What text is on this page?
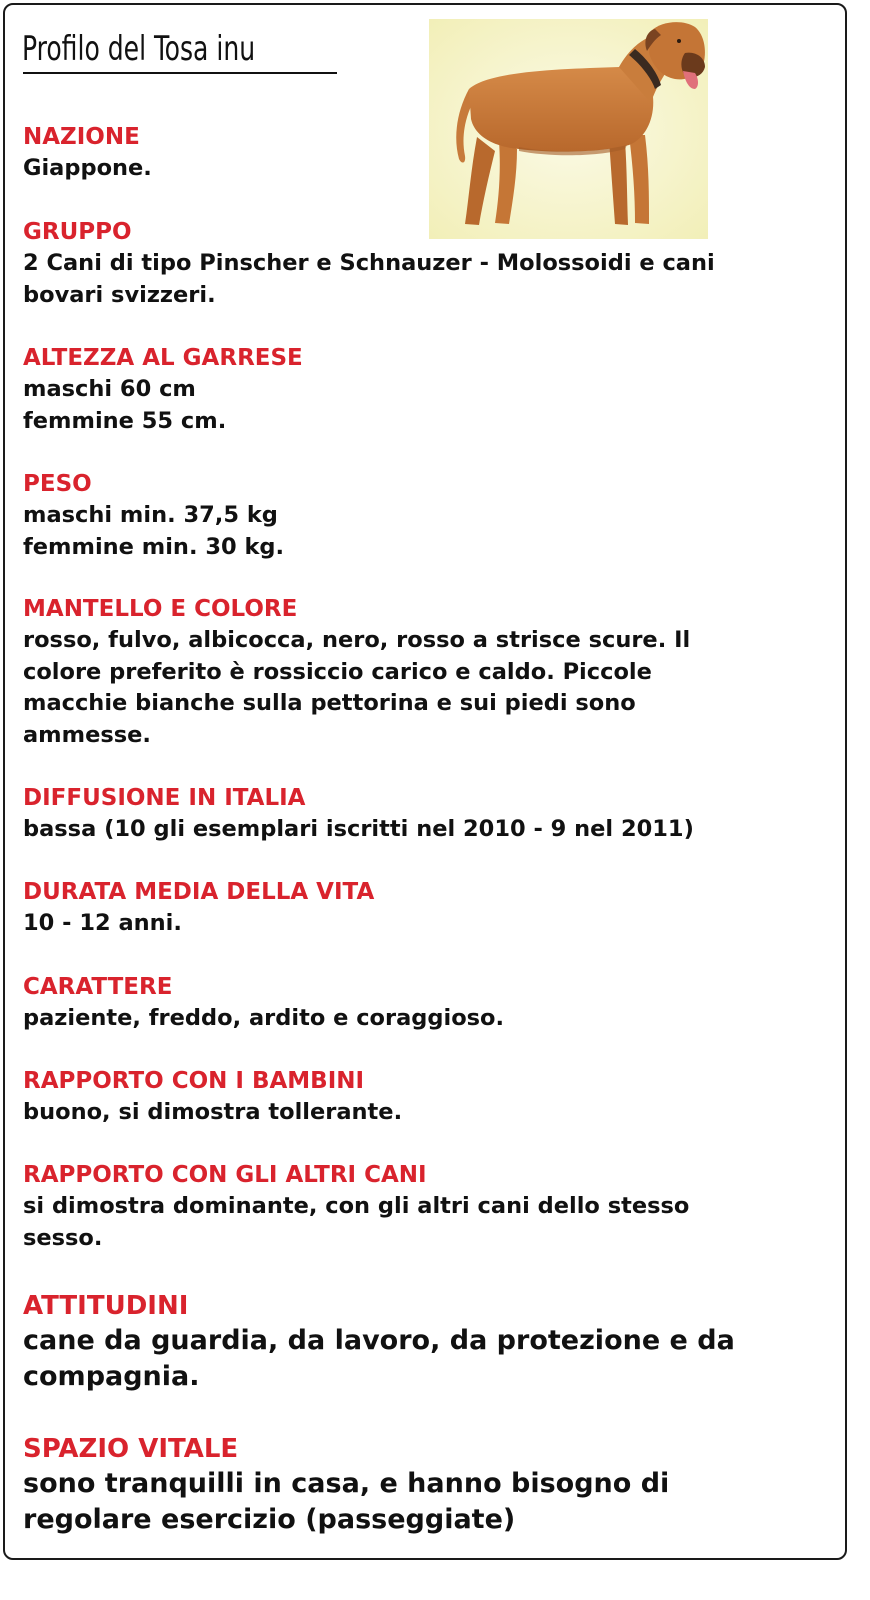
Profilo del Tosa inu
NAZIONE
Giappone.
GRUPPO
2 Cani di tipo Pinscher e Schnauzer - Molossoidi e cani
bovari svizzeri.
ALTEZZA AL GARRESE
maschi 60 cm
femmine 55 cm.
PESO
maschi min. 37,5 kg
femmine min. 30 kg.
MANTELLO E COLORE
rosso, fulvo, albicocca, nero, rosso a strisce scure. Il
colore preferito è rossiccio carico e caldo. Piccole
macchie bianche sulla pettorina e sui piedi sono
ammesse.
DIFFUSIONE IN ITALIA
bassa (10 gli esemplari iscritti nel 2010 - 9 nel 2011)
DURATA MEDIA DELLA VITA
10 - 12 anni.
CARATTERE
paziente, freddo, ardito e coraggioso.
RAPPORTO CON I BAMBINI
buono, si dimostra tollerante.
RAPPORTO CON GLI ALTRI CANI
si dimostra dominante, con gli altri cani dello stesso
sesso.
ATTITUDINI
cane da guardia, da lavoro, da protezione e da
compagnia.
SPAZIO VITALE
sono tranquilli in casa, e hanno bisogno di
regolare esercizio (passeggiate)
